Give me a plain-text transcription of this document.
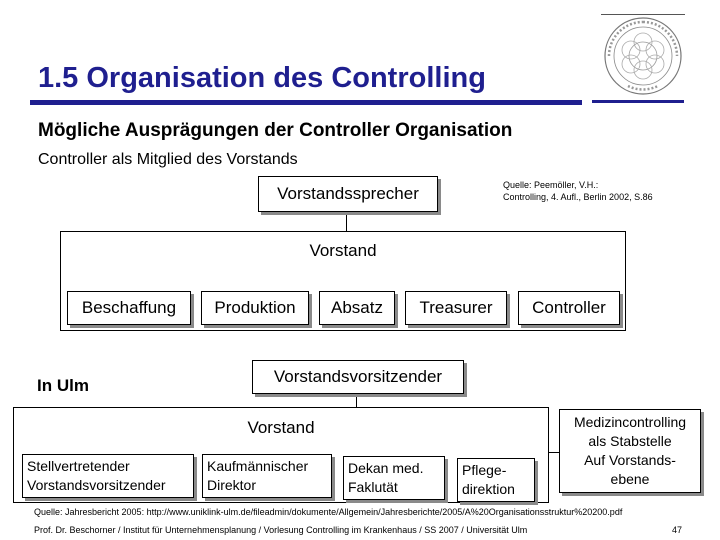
1.5 Organisation des Controlling
Mögliche Ausprägungen der Controller Organisation
Controller als Mitglied des Vorstands
Quelle: Peemöller, V.H.:
Controlling, 4. Aufl., Berlin 2002, S.86
Vorstandssprecher
Vorstand
Beschaffung Produktion Absatz Treasurer Controller
In Ulm	Vorstandsvorsitzender
Vorstand
Stellvertretender
Vorstandsvorsitzender
Kaufmännischer
Direktor
Dekan med.
Faklutät
Pflege-
direktion
Medizincontrolling
als Stabstelle
Auf Vorstands-
ebene
Quelle: Jahresbericht 2005: http://www.uniklink-ulm.de/fileadmin/dokumente/Allgemein/Jahresberichte/2005/A%20Organisationsstruktur%20200.pdf
Prof. Dr. Beschorner / Institut für Unternehmensplanung / Vorlesung Controlling im Krankenhaus / SS 2007 / Universität Ulm	47
